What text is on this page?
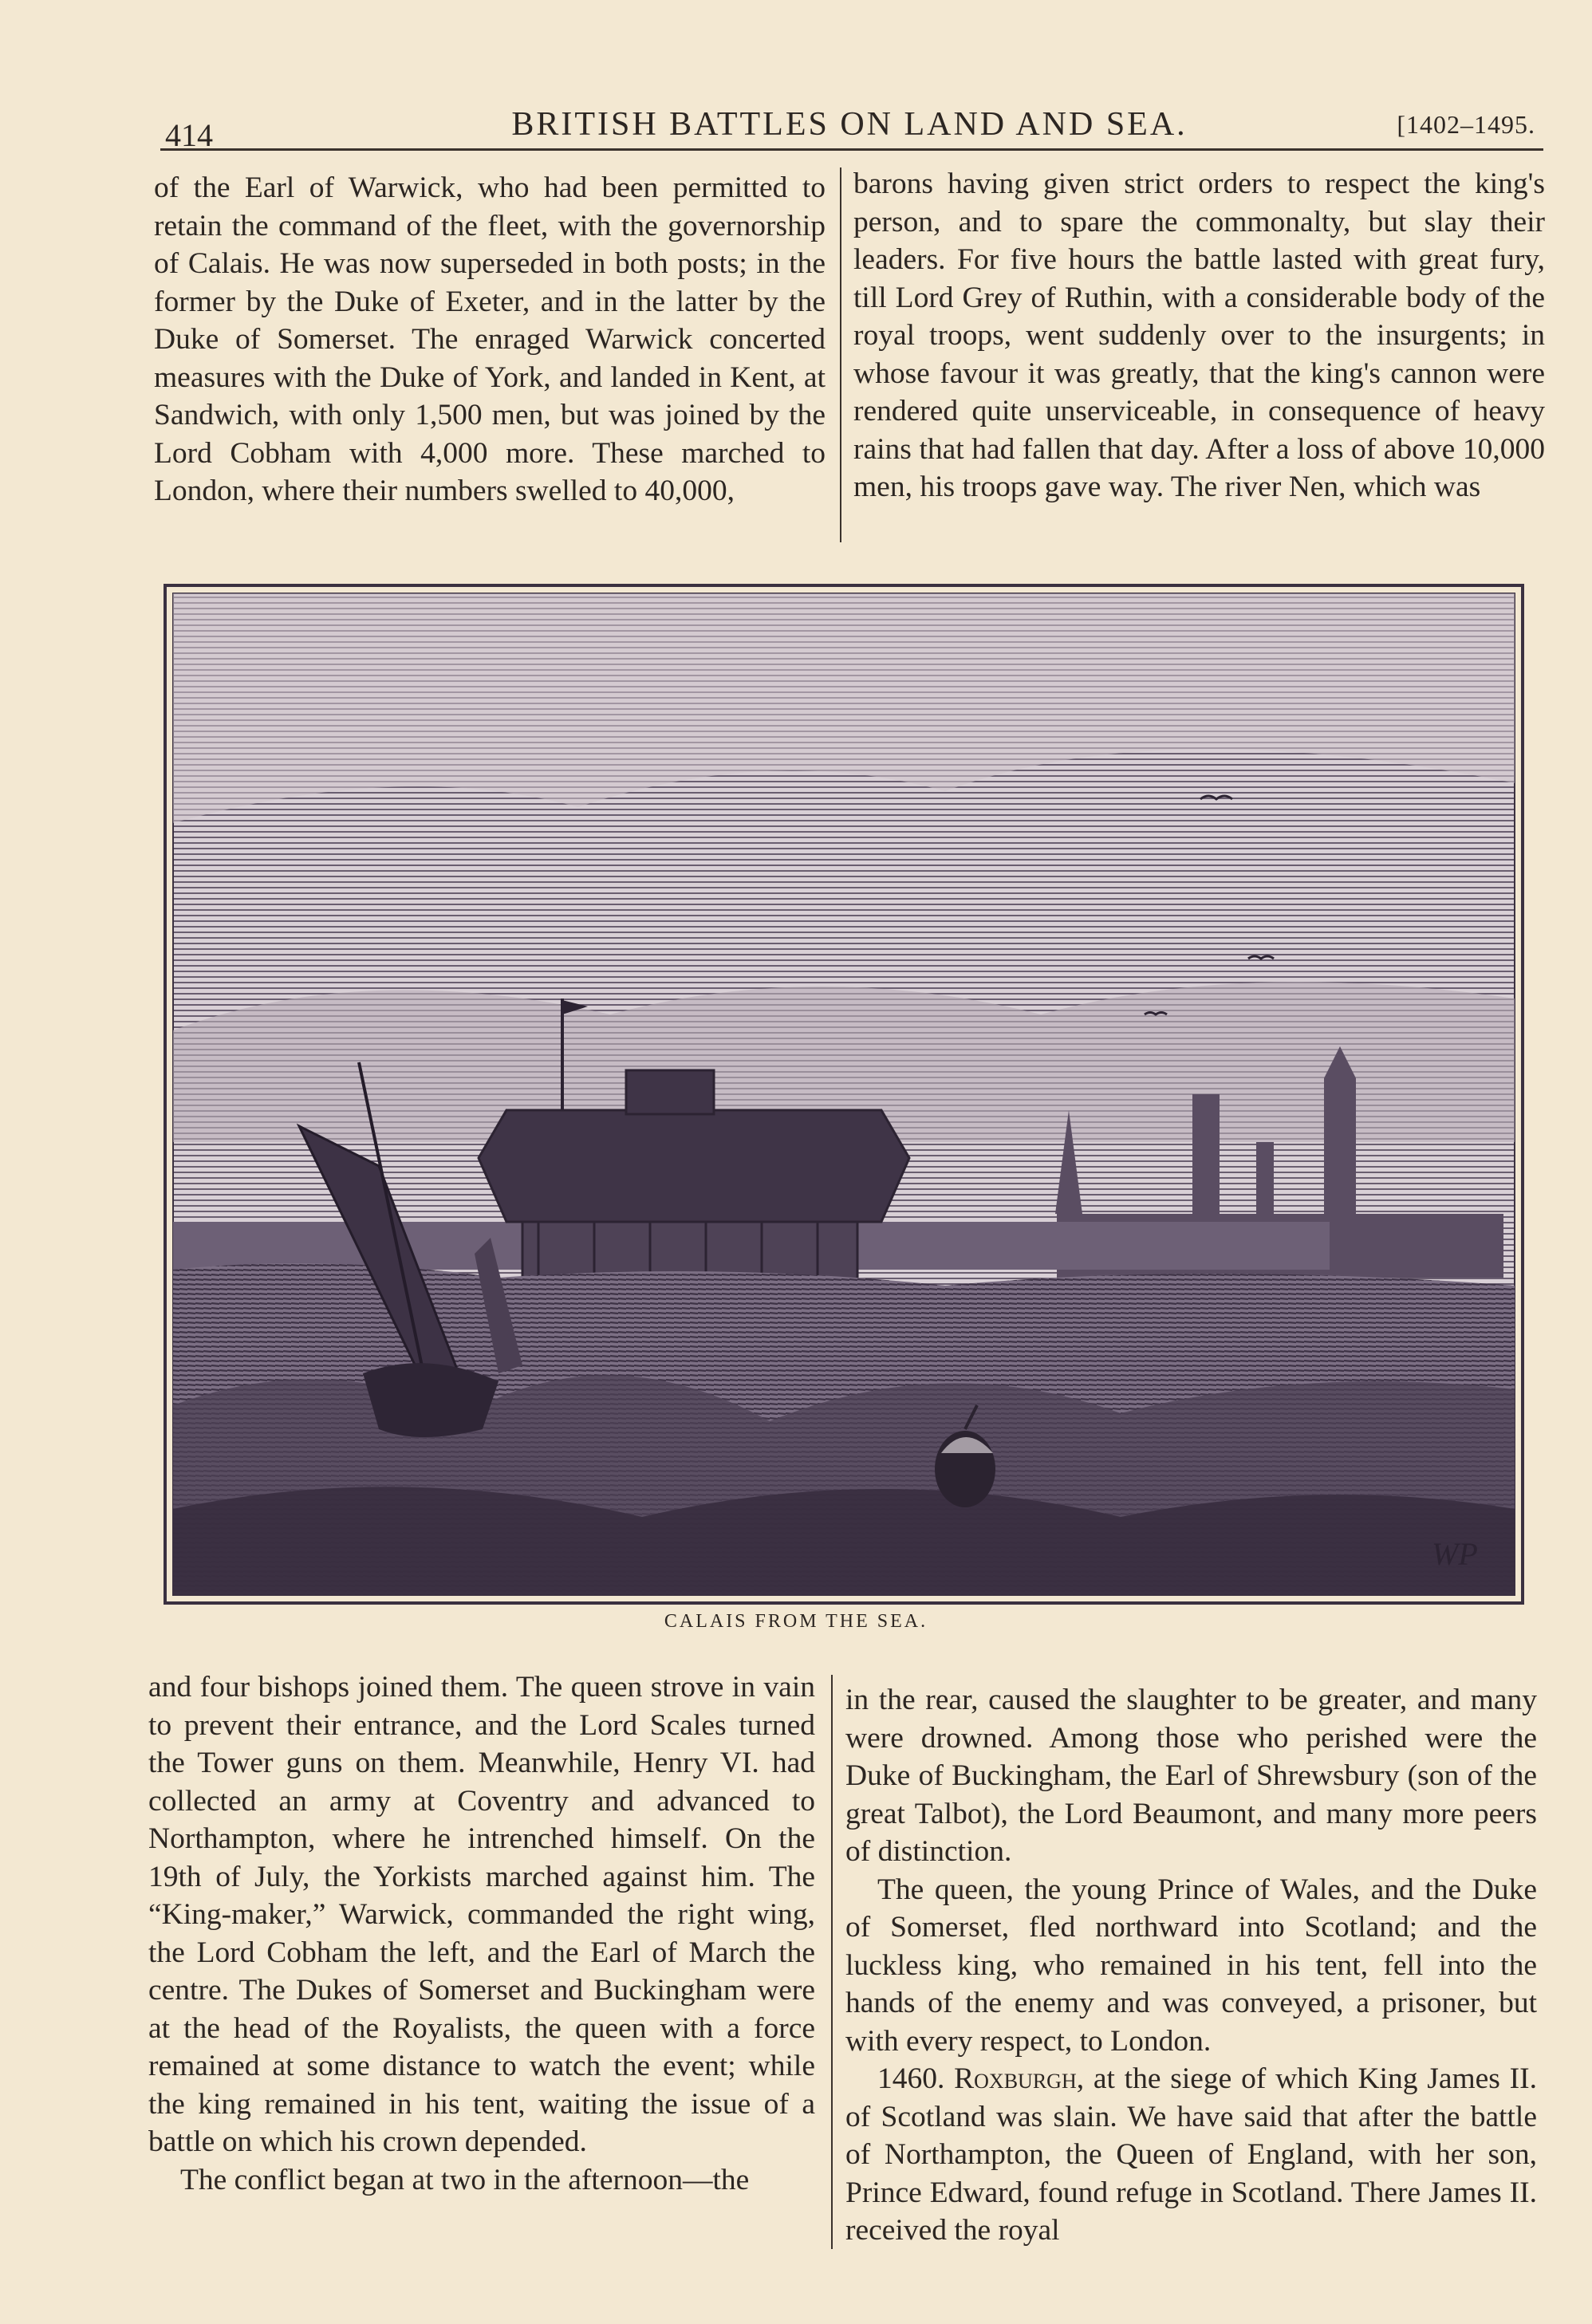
414	BRITISH BATTLES ON LAND AND SEA.	[1402–1495.

of the Earl of Warwick, who had been permitted to retain the command of the fleet, with the governorship of Calais. He was now superseded in both posts; in the former by the Duke of Exeter, and in the latter by the Duke of Somerset. The enraged Warwick concerted measures with the Duke of York, and landed in Kent, at Sandwich, with only 1,500 men, but was joined by the Lord Cobham with 4,000 more. These marched to London, where their numbers swelled to 40,000,

barons having given strict orders to respect the king's person, and to spare the commonalty, but slay their leaders. For five hours the battle lasted with great fury, till Lord Grey of Ruthin, with a considerable body of the royal troops, went suddenly over to the insurgents; in whose favour it was greatly, that the king's cannon were rendered quite unserviceable, in consequence of heavy rains that had fallen that day. After a loss of above 10,000 men, his troops gave way. The river Nen, which was

WP
CALAIS FROM THE SEA.

and four bishops joined them. The queen strove in vain to prevent their entrance, and the Lord Scales turned the Tower guns on them. Meanwhile, Henry VI. had collected an army at Coventry and advanced to Northampton, where he intrenched himself. On the 19th of July, the Yorkists marched against him. The “King-maker,” Warwick, commanded the right wing, the Lord Cobham the left, and the Earl of March the centre. The Dukes of Somerset and Buckingham were at the head of the Royalists, the queen with a force remained at some distance to watch the event; while the king remained in his tent, waiting the issue of a battle on which his crown depended.

The conflict began at two in the afternoon—the

in the rear, caused the slaughter to be greater, and many were drowned. Among those who perished were the Duke of Buckingham, the Earl of Shrewsbury (son of the great Talbot), the Lord Beaumont, and many more peers of distinction.

The queen, the young Prince of Wales, and the Duke of Somerset, fled northward into Scotland; and the luckless king, who remained in his tent, fell into the hands of the enemy and was conveyed, a prisoner, but with every respect, to London.

1460. Roxburgh, at the siege of which King James II. of Scotland was slain. We have said that after the battle of Northampton, the Queen of England, with her son, Prince Edward, found refuge in Scotland. There James II. received the royal
